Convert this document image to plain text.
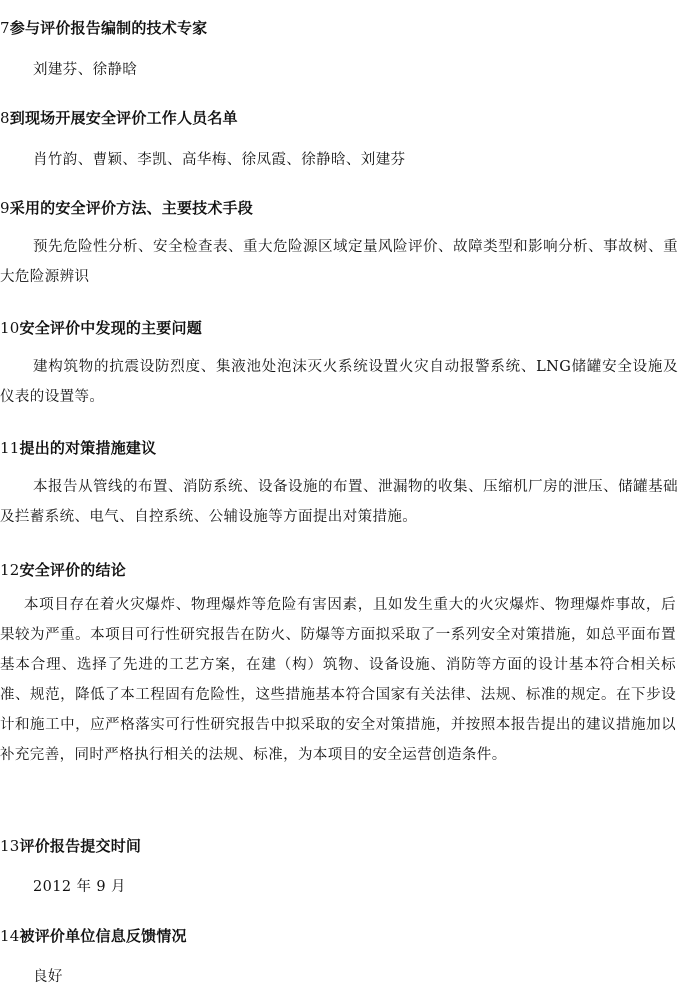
7参与评价报告编制的技术专家
刘建芬、徐静晗
8到现场开展安全评价工作人员名单
肖竹韵、曹颖、李凯、高华梅、徐凤霞、徐静晗、刘建芬
9采用的安全评价方法、主要技术手段
预先危险性分析、安全检查表、重大危险源区域定量风险评价、故障类型和影响分析、事故树、重大危险源辨识
10安全评价中发现的主要问题
建构筑物的抗震设防烈度、集液池处泡沫灭火系统设置火灾自动报警系统、LNG储罐安全设施及仪表的设置等。
11提出的对策措施建议
本报告从管线的布置、消防系统、设备设施的布置、泄漏物的收集、压缩机厂房的泄压、储罐基础及拦蓄系统、电气、自控系统、公辅设施等方面提出对策措施。
12安全评价的结论
本项目存在着火灾爆炸、物理爆炸等危险有害因素，且如发生重大的火灾爆炸、物理爆炸事故，后果较为严重。本项目可行性研究报告在防火、防爆等方面拟采取了一系列安全对策措施，如总平面布置基本合理、选择了先进的工艺方案，在建（构）筑物、设备设施、消防等方面的设计基本符合相关标准、规范，降低了本工程固有危险性，这些措施基本符合国家有关法律、法规、标准的规定。在下步设计和施工中，应严格落实可行性研究报告中拟采取的安全对策措施，并按照本报告提出的建议措施加以补充完善，同时严格执行相关的法规、标准，为本项目的安全运营创造条件。
13评价报告提交时间
2012 年 9 月
14被评价单位信息反馈情况
良好
